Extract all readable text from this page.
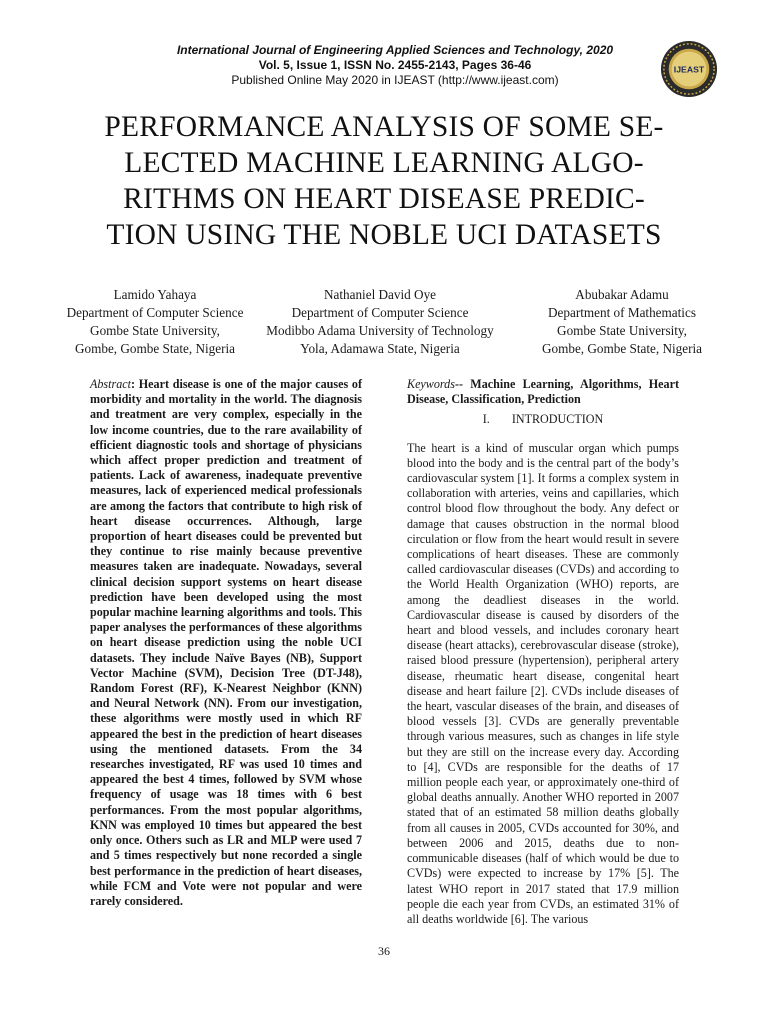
International Journal of Engineering Applied Sciences and Technology, 2020
Vol. 5, Issue 1, ISSN No. 2455-2143, Pages 36-46
Published Online May 2020 in IJEAST (http://www.ijeast.com)
IJEAST
PERFORMANCE ANALYSIS OF SOME SE-
LECTED MACHINE LEARNING ALGO-
RITHMS ON HEART DISEASE PREDIC-
TION USING THE NOBLE UCI DATASETS
Lamido Yahaya
Department of Computer Science
Gombe State University,
Gombe, Gombe State, Nigeria
Nathaniel David Oye
Department of Computer Science
Modibbo Adama University of Technology
Yola, Adamawa State, Nigeria
Abubakar Adamu
Department of Mathematics
Gombe State University,
Gombe, Gombe State, Nigeria

Abstract: Heart disease is one of the major causes of morbidity and mortality in the world. The diagnosis and treatment are very complex, especially in the low income countries, due to the rare availability of efficient diagnostic tools and shortage of physicians which affect proper prediction and treatment of patients. Lack of awareness, inadequate preventive measures, lack of experienced medical professionals are among the factors that contribute to high risk of heart disease occurrences. Although, large proportion of heart diseases could be prevented but they continue to rise mainly because preventive measures taken are inadequate. Nowadays, several clinical decision support systems on heart disease prediction have been developed using the most popular machine learning algorithms and tools. This paper analyses the performances of these algorithms on heart disease prediction using the noble UCI datasets. They include Naïve Bayes (NB), Support Vector Machine (SVM), Decision Tree (DT-J48), Random Forest (RF), K-Nearest Neighbor (KNN) and Neural Network (NN). From our investigation, these algorithms were mostly used in which RF appeared the best in the prediction of heart diseases using the mentioned datasets. From the 34 researches investigated, RF was used 10 times and appeared the best 4 times, followed by SVM whose frequency of usage was 18 times with 6 best performances. From the most popular algorithms, KNN was employed 10 times but appeared the best only once. Others such as LR and MLP were used 7 and 5 times respectively but none recorded a single best performance in the prediction of heart diseases, while FCM and Vote were not popular and were rarely considered.

Keywords-- Machine Learning, Algorithms, Heart Disease, Classification, Prediction

I. INTRODUCTION

The heart is a kind of muscular organ which pumps blood into the body and is the central part of the body’s cardiovascular system [1]. It forms a complex system in collaboration with arteries, veins and capillaries, which control blood flow throughout the body. Any defect or damage that causes obstruction in the normal blood circulation or flow from the heart would result in severe complications of heart diseases. These are commonly called cardiovascular diseases (CVDs) and according to the World Health Organization (WHO) reports, are among the deadliest diseases in the world. Cardiovascular disease is caused by disorders of the heart and blood vessels, and includes coronary heart disease (heart attacks), cerebrovascular disease (stroke), raised blood pressure (hypertension), peripheral artery disease, rheumatic heart disease, congenital heart disease and heart failure [2]. CVDs include diseases of the heart, vascular diseases of the brain, and diseases of blood vessels [3]. CVDs are generally preventable through various measures, such as changes in life style but they are still on the increase every day. According to [4], CVDs are responsible for the deaths of 17 million people each year, or approximately one-third of global deaths annually. Another WHO reported in 2007 stated that of an estimated 58 million deaths globally from all causes in 2005, CVDs accounted for 30%, and between 2006 and 2015, deaths due to non-communicable diseases (half of which would be due to CVDs) were expected to increase by 17% [5]. The latest WHO report in 2017 stated that 17.9 million people die each year from CVDs, an estimated 31% of all deaths worldwide [6]. The various

36
